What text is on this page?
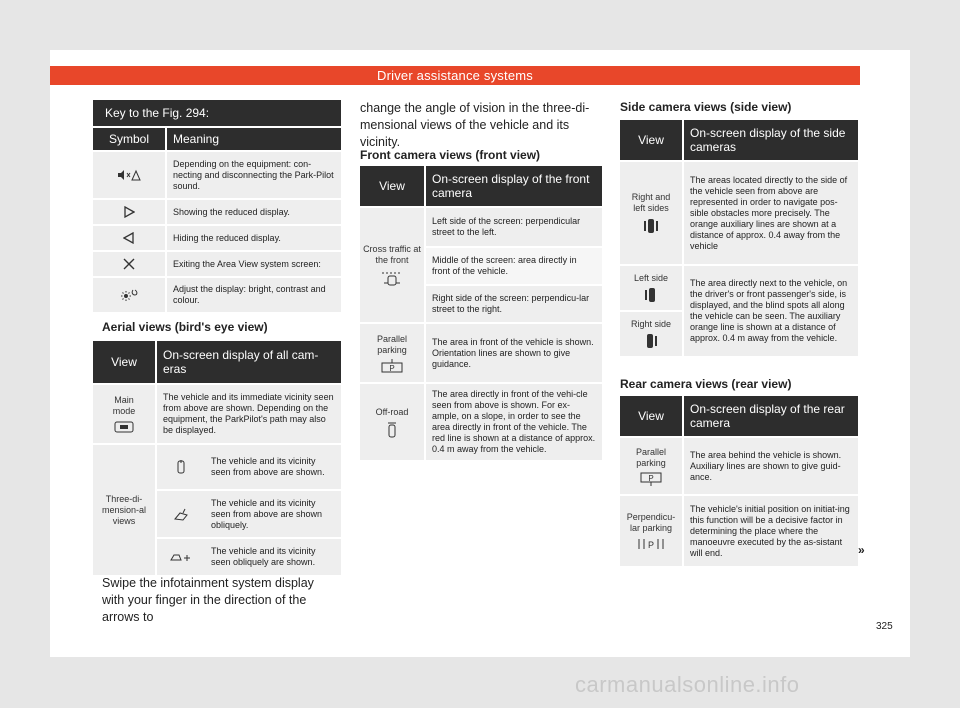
Driver assistance systems
Key to the Fig. 294:	
Symbol	Meaning

	Depending on the equipment: con-necting and disconnecting the Park-Pilot sound.

	Showing the reduced display.

	Hiding the reduced display.

	Exiting the Area View system screen:

	Adjust the display: bright, contrast and colour.
Aerial views (bird's eye view)
View	On-screen display of all cam-eras

Main mode
	The vehicle and its immediate vicinity seen from above are shown. Depending on the equipment, the ParkPilot's path may also be displayed.
Three-di-mension-al views	
	The vehicle and its vicinity seen from above are shown.

	The vehicle and its vicinity seen from above are shown obliquely.

	The vehicle and its vicinity seen obliquely are shown.
Swipe the infotainment system display with your finger in the direction of the arrows to
change the angle of vision in the three-di-mensional views of the vehicle and its vicinity.
Front camera views (front view)
View	On-screen display of the front camera

Cross traffic at the front	Left side of the screen: perpendicular street to the left.
	Middle of the screen: area directly in front of the vehicle.
	Right side of the screen: perpendicu-lar street to the right.

Parallel parking
P	The area in front of the vehicle is shown. Orientation lines are shown to give guidance.

Off-road	The area directly in front of the vehi-cle seen from above is shown. For ex-ample, on a slope, in order to see the area directly in front of the vehicle. The red line is shown at a distance of approx. 0.4 m away from the vehicle.
Side camera views (side view)
View	On-screen display of the side cameras

Right and left sides	The areas located directly to the side of the vehicle seen from above are represented in order to navigate pos-sible obstacles more precisely. The orange auxiliary lines are shown at a distance of approx. 0.4 away from the vehicle

Left side	The area directly next to the vehicle, on the driver's or front passenger's side, is displayed, and the blind spots all along the vehicle can be seen. The auxiliary orange line is shown at a distance of approx. 0.4 m away from the vehicle.

Right side	
Rear camera views (rear view)
View	On-screen display of the rear camera

Parallel parking
P	The area behind the vehicle is shown. Auxiliary lines are shown to give guid-ance.

Perpendicu-lar parking
P	The vehicle's initial position on initiat-ing this function will be a decisive factor in determining the place where the manoeuvre executed by the as-sistant will end.	»
325
carmanualsonline.info
